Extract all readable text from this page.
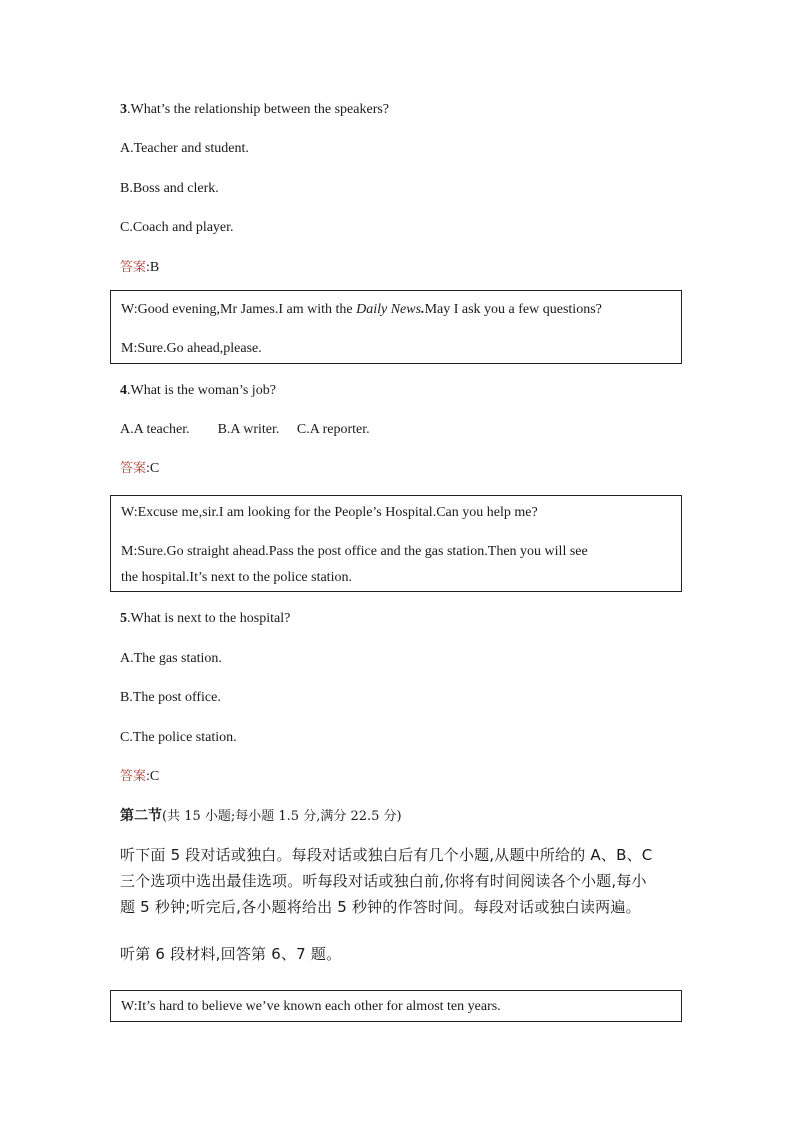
3.What’s the relationship between the speakers?
A.Teacher and student.
B.Boss and clerk.
C.Coach and player.
答案:B
W:Good evening,Mr James.I am with the Daily News.May I ask you a few questions?
M:Sure.Go ahead,please.
4.What is the woman’s job?
A.A teacher.        B.A writer.     C.A reporter.
答案:C
W:Excuse me,sir.I am looking for the People’s Hospital.Can you help me?
M:Sure.Go straight ahead.Pass the post office and the gas station.Then you will see
the hospital.It’s next to the police station.
5.What is next to the hospital?
A.The gas station.
B.The post office.
C.The police station.
答案:C
第二节(共 15 小题;每小题 1.5 分,满分 22.5 分)
听下面 5 段对话或独白。每段对话或独白后有几个小题,从题中所给的 A、B、C
三个选项中选出最佳选项。听每段对话或独白前,你将有时间阅读各个小题,每小
题 5 秒钟;听完后,各小题将给出 5 秒钟的作答时间。每段对话或独白读两遍。
听第 6 段材料,回答第 6、7 题。
W:It’s hard to believe we’ve known each other for almost ten years.
